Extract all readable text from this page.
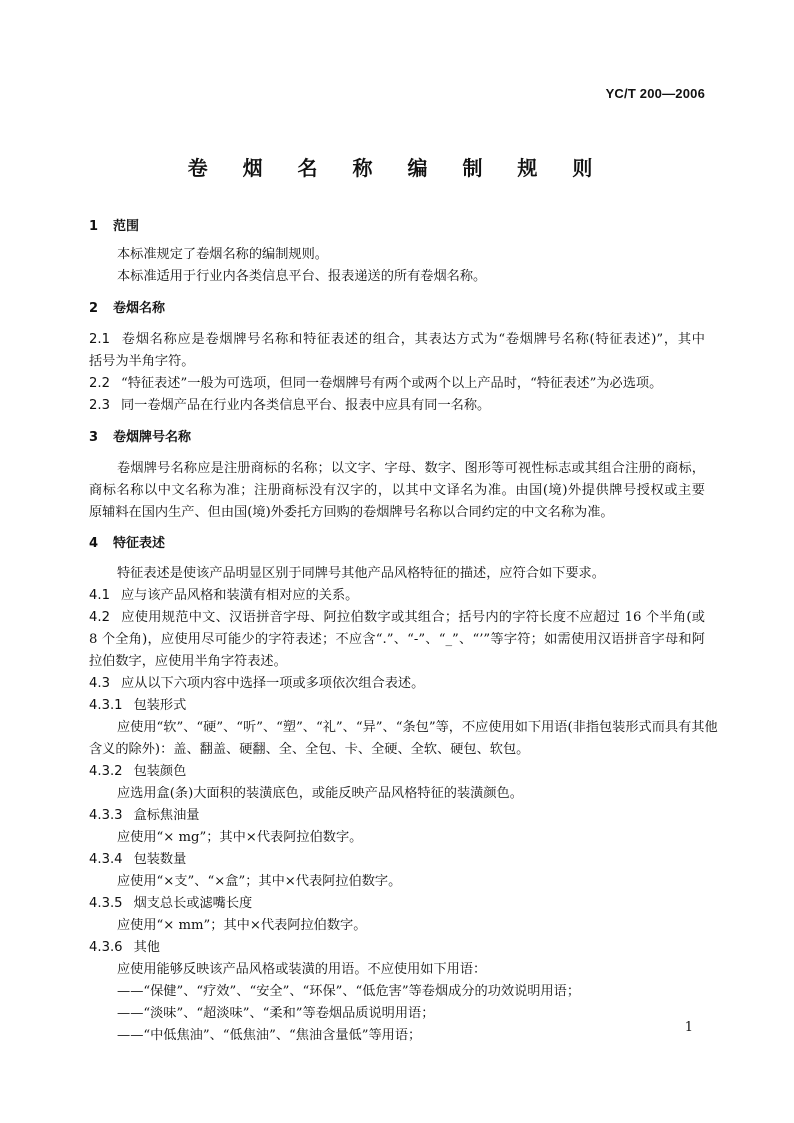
YC/T 200—2006
卷 烟 名 称 编 制 规 则
1 范围
本标准规定了卷烟名称的编制规则。
本标准适用于行业内各类信息平台、报表递送的所有卷烟名称。
2 卷烟名称
2.1 卷烟名称应是卷烟牌号名称和特征表述的组合，其表达方式为“卷烟牌号名称(特征表述)”，其中
括号为半角字符。
2.2 “特征表述”一般为可选项，但同一卷烟牌号有两个或两个以上产品时，“特征表述”为必选项。
2.3 同一卷烟产品在行业内各类信息平台、报表中应具有同一名称。
3 卷烟牌号名称
卷烟牌号名称应是注册商标的名称；以文字、字母、数字、图形等可视性标志或其组合注册的商标，
商标名称以中文名称为准；注册商标没有汉字的，以其中文译名为准。由国(境)外提供牌号授权或主要
原辅料在国内生产、但由国(境)外委托方回购的卷烟牌号名称以合同约定的中文名称为准。
4 特征表述
特征表述是使该产品明显区别于同牌号其他产品风格特征的描述，应符合如下要求。
4.1 应与该产品风格和装潢有相对应的关系。
4.2 应使用规范中文、汉语拼音字母、阿拉伯数字或其组合；括号内的字符长度不应超过 16 个半角(或
8 个全角)，应使用尽可能少的字符表述；不应含“.”、“-”、“_”、“’”等字符；如需使用汉语拼音字母和阿
拉伯数字，应使用半角字符表述。
4.3 应从以下六项内容中选择一项或多项依次组合表述。
4.3.1 包装形式
应使用“软”、“硬”、“听”、“塑”、“礼”、“异”、“条包”等，不应使用如下用语(非指包装形式而具有其他
含义的除外)：盖、翻盖、硬翻、全、全包、卡、全硬、全软、硬包、软包。
4.3.2 包装颜色
应选用盒(条)大面积的装潢底色，或能反映产品风格特征的装潢颜色。
4.3.3 盒标焦油量
应使用“× mg”；其中×代表阿拉伯数字。
4.3.4 包装数量
应使用“×支”、“×盒”；其中×代表阿拉伯数字。
4.3.5 烟支总长或滤嘴长度
应使用“× mm”；其中×代表阿拉伯数字。
4.3.6 其他
应使用能够反映该产品风格或装潢的用语。不应使用如下用语：
——“保健”、“疗效”、“安全”、“环保”、“低危害”等卷烟成分的功效说明用语；
——“淡味”、“超淡味”、“柔和”等卷烟品质说明用语；
——“中低焦油”、“低焦油”、“焦油含量低”等用语；
1
